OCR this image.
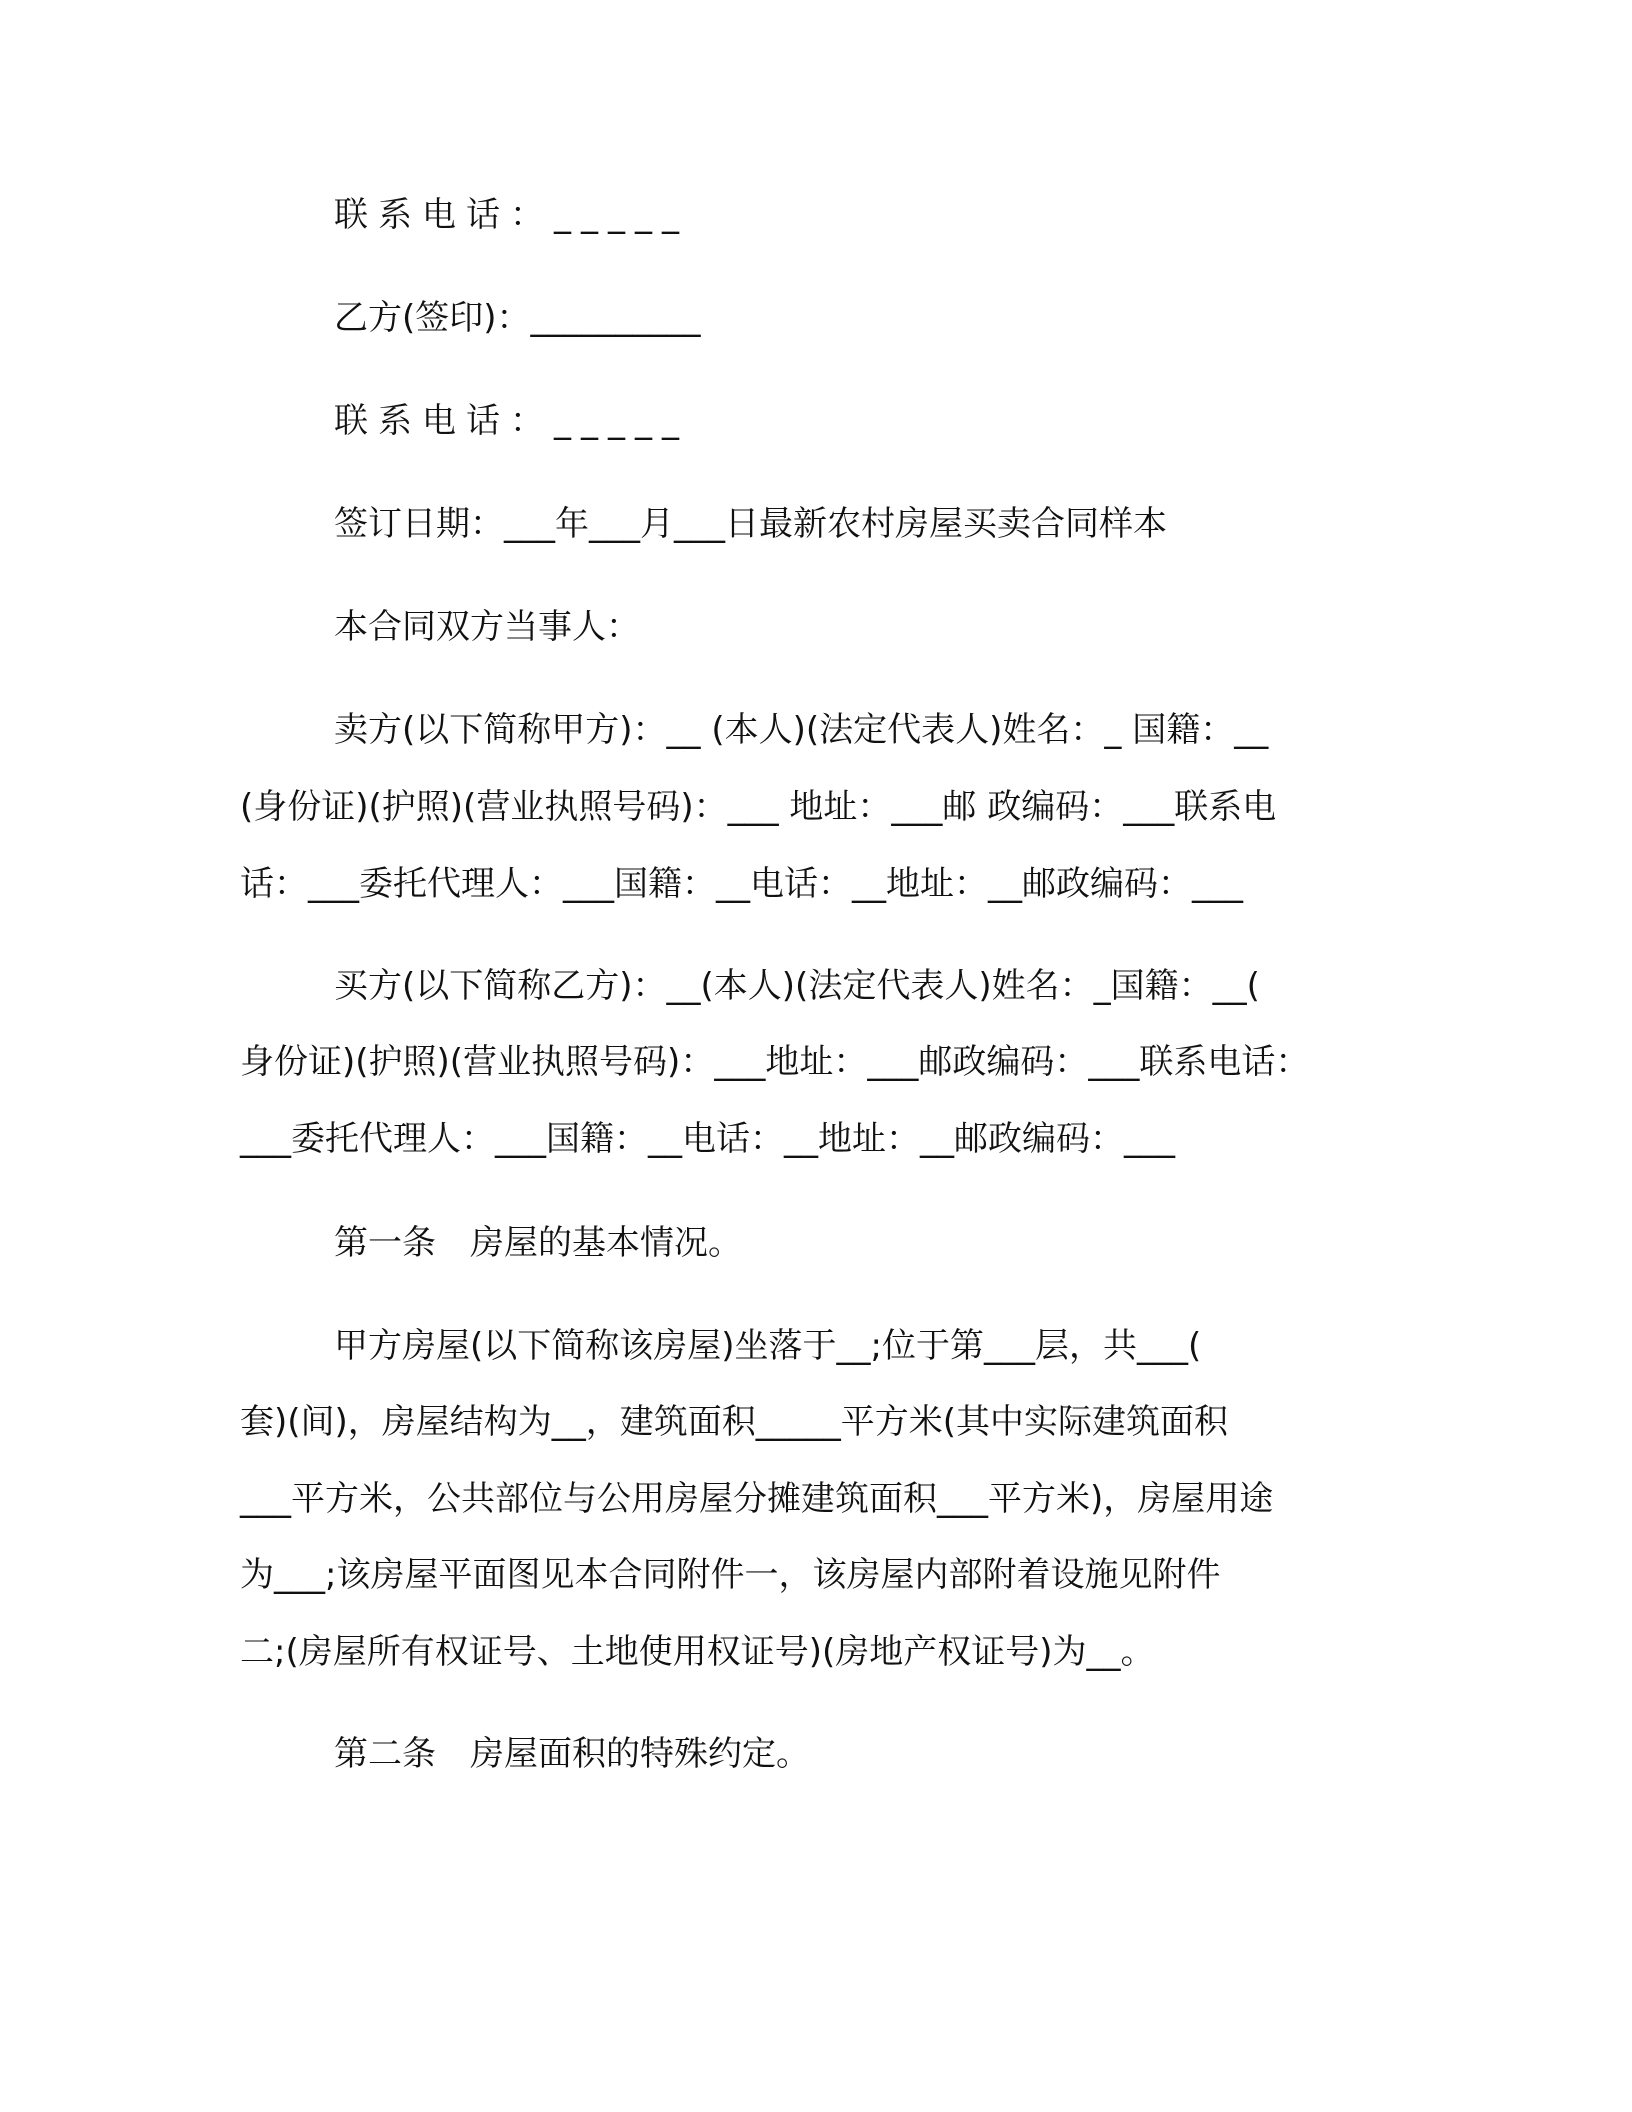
联系电话：_____
乙方(签印)：__________
联系电话：_____
签订日期：___年___月___日最新农村房屋买卖合同样本
本合同双方当事人：
卖方(以下简称甲方)：__ (本人)(法定代表人)姓名：_ 国籍：__
(身份证)(护照)(营业执照号码)：___ 地址：___邮 政编码：___联系电
话：___委托代理人：___国籍：__电话：__地址：__邮政编码：___
买方(以下简称乙方)：__(本人)(法定代表人)姓名：_国籍：__(
身份证)(护照)(营业执照号码)：___地址：___邮政编码：___联系电话：
___委托代理人：___国籍：__电话：__地址：__邮政编码：___
第一条　房屋的基本情况。
甲方房屋(以下简称该房屋)坐落于__;位于第___层，共___(
套)(间)，房屋结构为__，建筑面积_____平方米(其中实际建筑面积
___平方米，公共部位与公用房屋分摊建筑面积___平方米)，房屋用途
为___;该房屋平面图见本合同附件一，该房屋内部附着设施见附件
二;(房屋所有权证号、土地使用权证号)(房地产权证号)为__。
第二条　房屋面积的特殊约定。
